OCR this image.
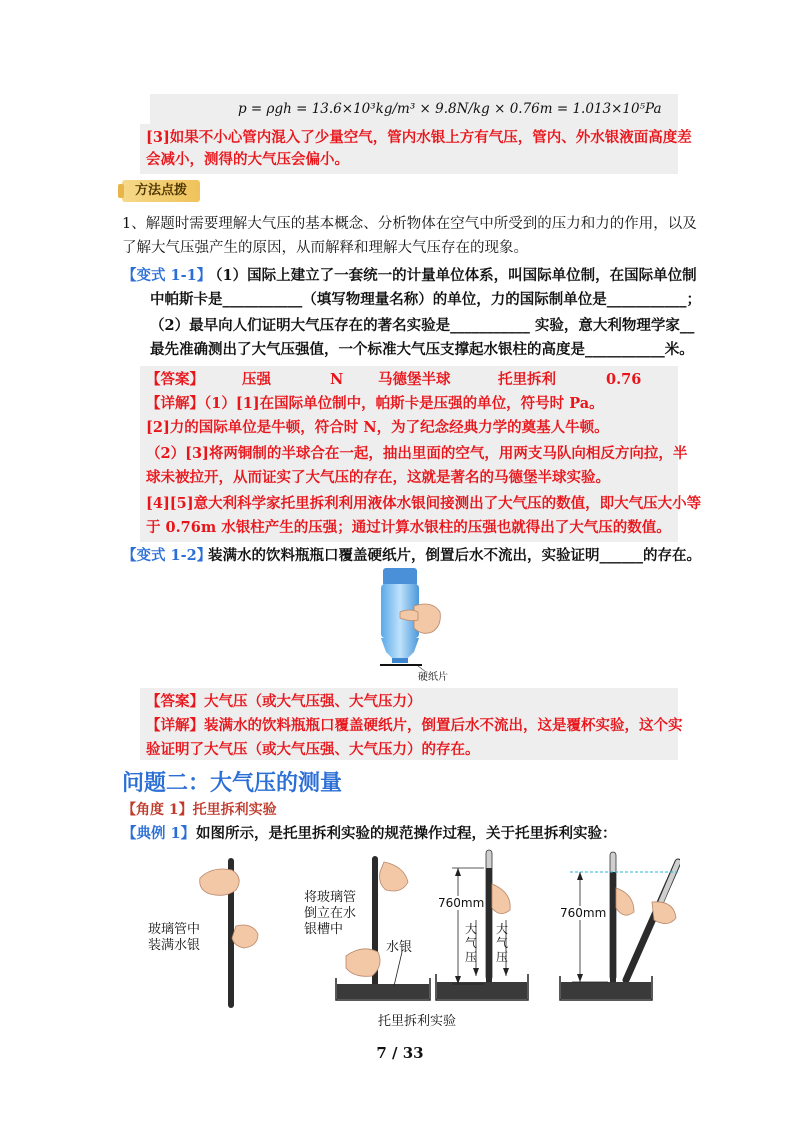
p = ρgh = 13.6×10³kg/m³ × 9.8N/kg × 0.76m = 1.013×10⁵Pa
[3]如果不小心管内混入了少量空气，管内水银上方有气压，管内、外水银液面高度差
会减小，测得的大气压会偏小。
方法点拨
1、解题时需要理解大气压的基本概念、分析物体在空气中所受到的压力和力的作用，以及
了解大气压强产生的原因，从而解释和理解大气压存在的现象。
【变式 1-1】
（1）国际上建立了一套统一的计量单位体系，叫国际单位制，在国际单位制
中帕斯卡是___________（填写物理量名称）的单位，力的国际制单位是___________；
（2）最早向人们证明大气压存在的著名实验是___________ 实验，意大利物理学家__
最先准确测出了大气压强值，一个标准大气压支撑起水银柱的高度是___________米。
【答案】	压强	N 马德堡半球	托里拆利	0.76
【详解】（1）[1]在国际单位制中，帕斯卡是压强的单位，符号时 Pa。
[2]力的国际单位是牛顿，符合时 N，为了纪念经典力学的奠基人牛顿。
（2）[3]将两铜制的半球合在一起，抽出里面的空气，用两支马队向相反方向拉，半
球未被拉开，从而证实了大气压的存在，这就是著名的马德堡半球实验。
[4][5]意大利科学家托里拆利利用液体水银间接测出了大气压的数值，即大气压大小等
于 0.76m 水银柱产生的压强；通过计算水银柱的压强也就得出了大气压的数值。
【变式 1-2】
装满水的饮料瓶瓶口覆盖硬纸片，倒置后水不流出，实验证明______的存在。
硬纸片
【答案】大气压（或大气压强、大气压力）
【详解】装满水的饮料瓶瓶口覆盖硬纸片，倒置后水不流出，这是覆杯实验，这个实
验证明了大气压（或大气压强、大气压力）的存在。
问题二：大气压的测量
【角度 1】托里拆利实验
【典例 1】 如图所示，是托里拆利实验的规范操作过程，关于托里拆利实验：
玻璃管中
装满水银
将玻璃管
倒立在水
银槽中
水银
760mm
大气压
大气压
760mm
托里拆利实验
7 / 33
